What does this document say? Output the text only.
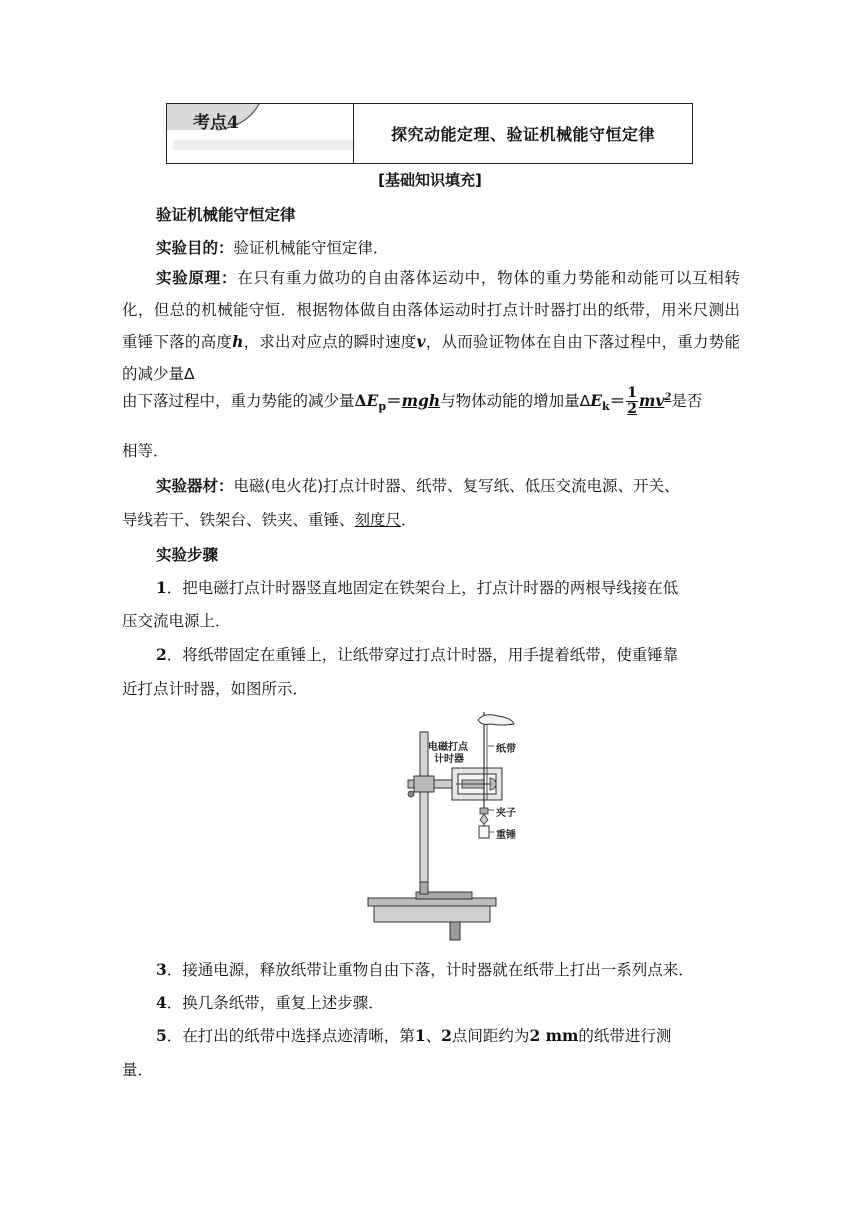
考点4
探究动能定理、验证机械能守恒定律
[基础知识填充]
验证机械能守恒定律
实验目的：验证机械能守恒定律．
实验原理：在只有重力做功的自由落体运动中，物体的重力势能和动能可以互相转化，但总的机械能守恒．根据物体做自由落体运动时打点计时器打出的纸带，用米尺测出重锤下落的高度h，求出对应点的瞬时速度v，从而验证物体在自由下落过程中，重力势能的减少量Δ
由下落过程中，重力势能的减少量$\Delta E_p=mgh$与物体动能的增加量$\Delta E_k= \frac{1}{2} mv^2$是否
相等．
实验器材：电磁(电火花)打点计时器、纸带、复写纸、低压交流电源、开关、
导线若干、铁架台、铁夹、重锤、刻度尺．
实验步骤
1．把电磁打点计时器竖直地固定在铁架台上，打点计时器的两根导线接在低
压交流电源上．
2．将纸带固定在重锤上，让纸带穿过打点计时器，用手提着纸带，使重锤靠
近打点计时器，如图所示．
电磁打点
计时器
纸带
夹子
重锤
3．接通电源，释放纸带让重物自由下落，计时器就在纸带上打出一系列点来．
4．换几条纸带，重复上述步骤．
5．在打出的纸带中选择点迹清晰，第1、2点间距约为2 mm的纸带进行测
量．
